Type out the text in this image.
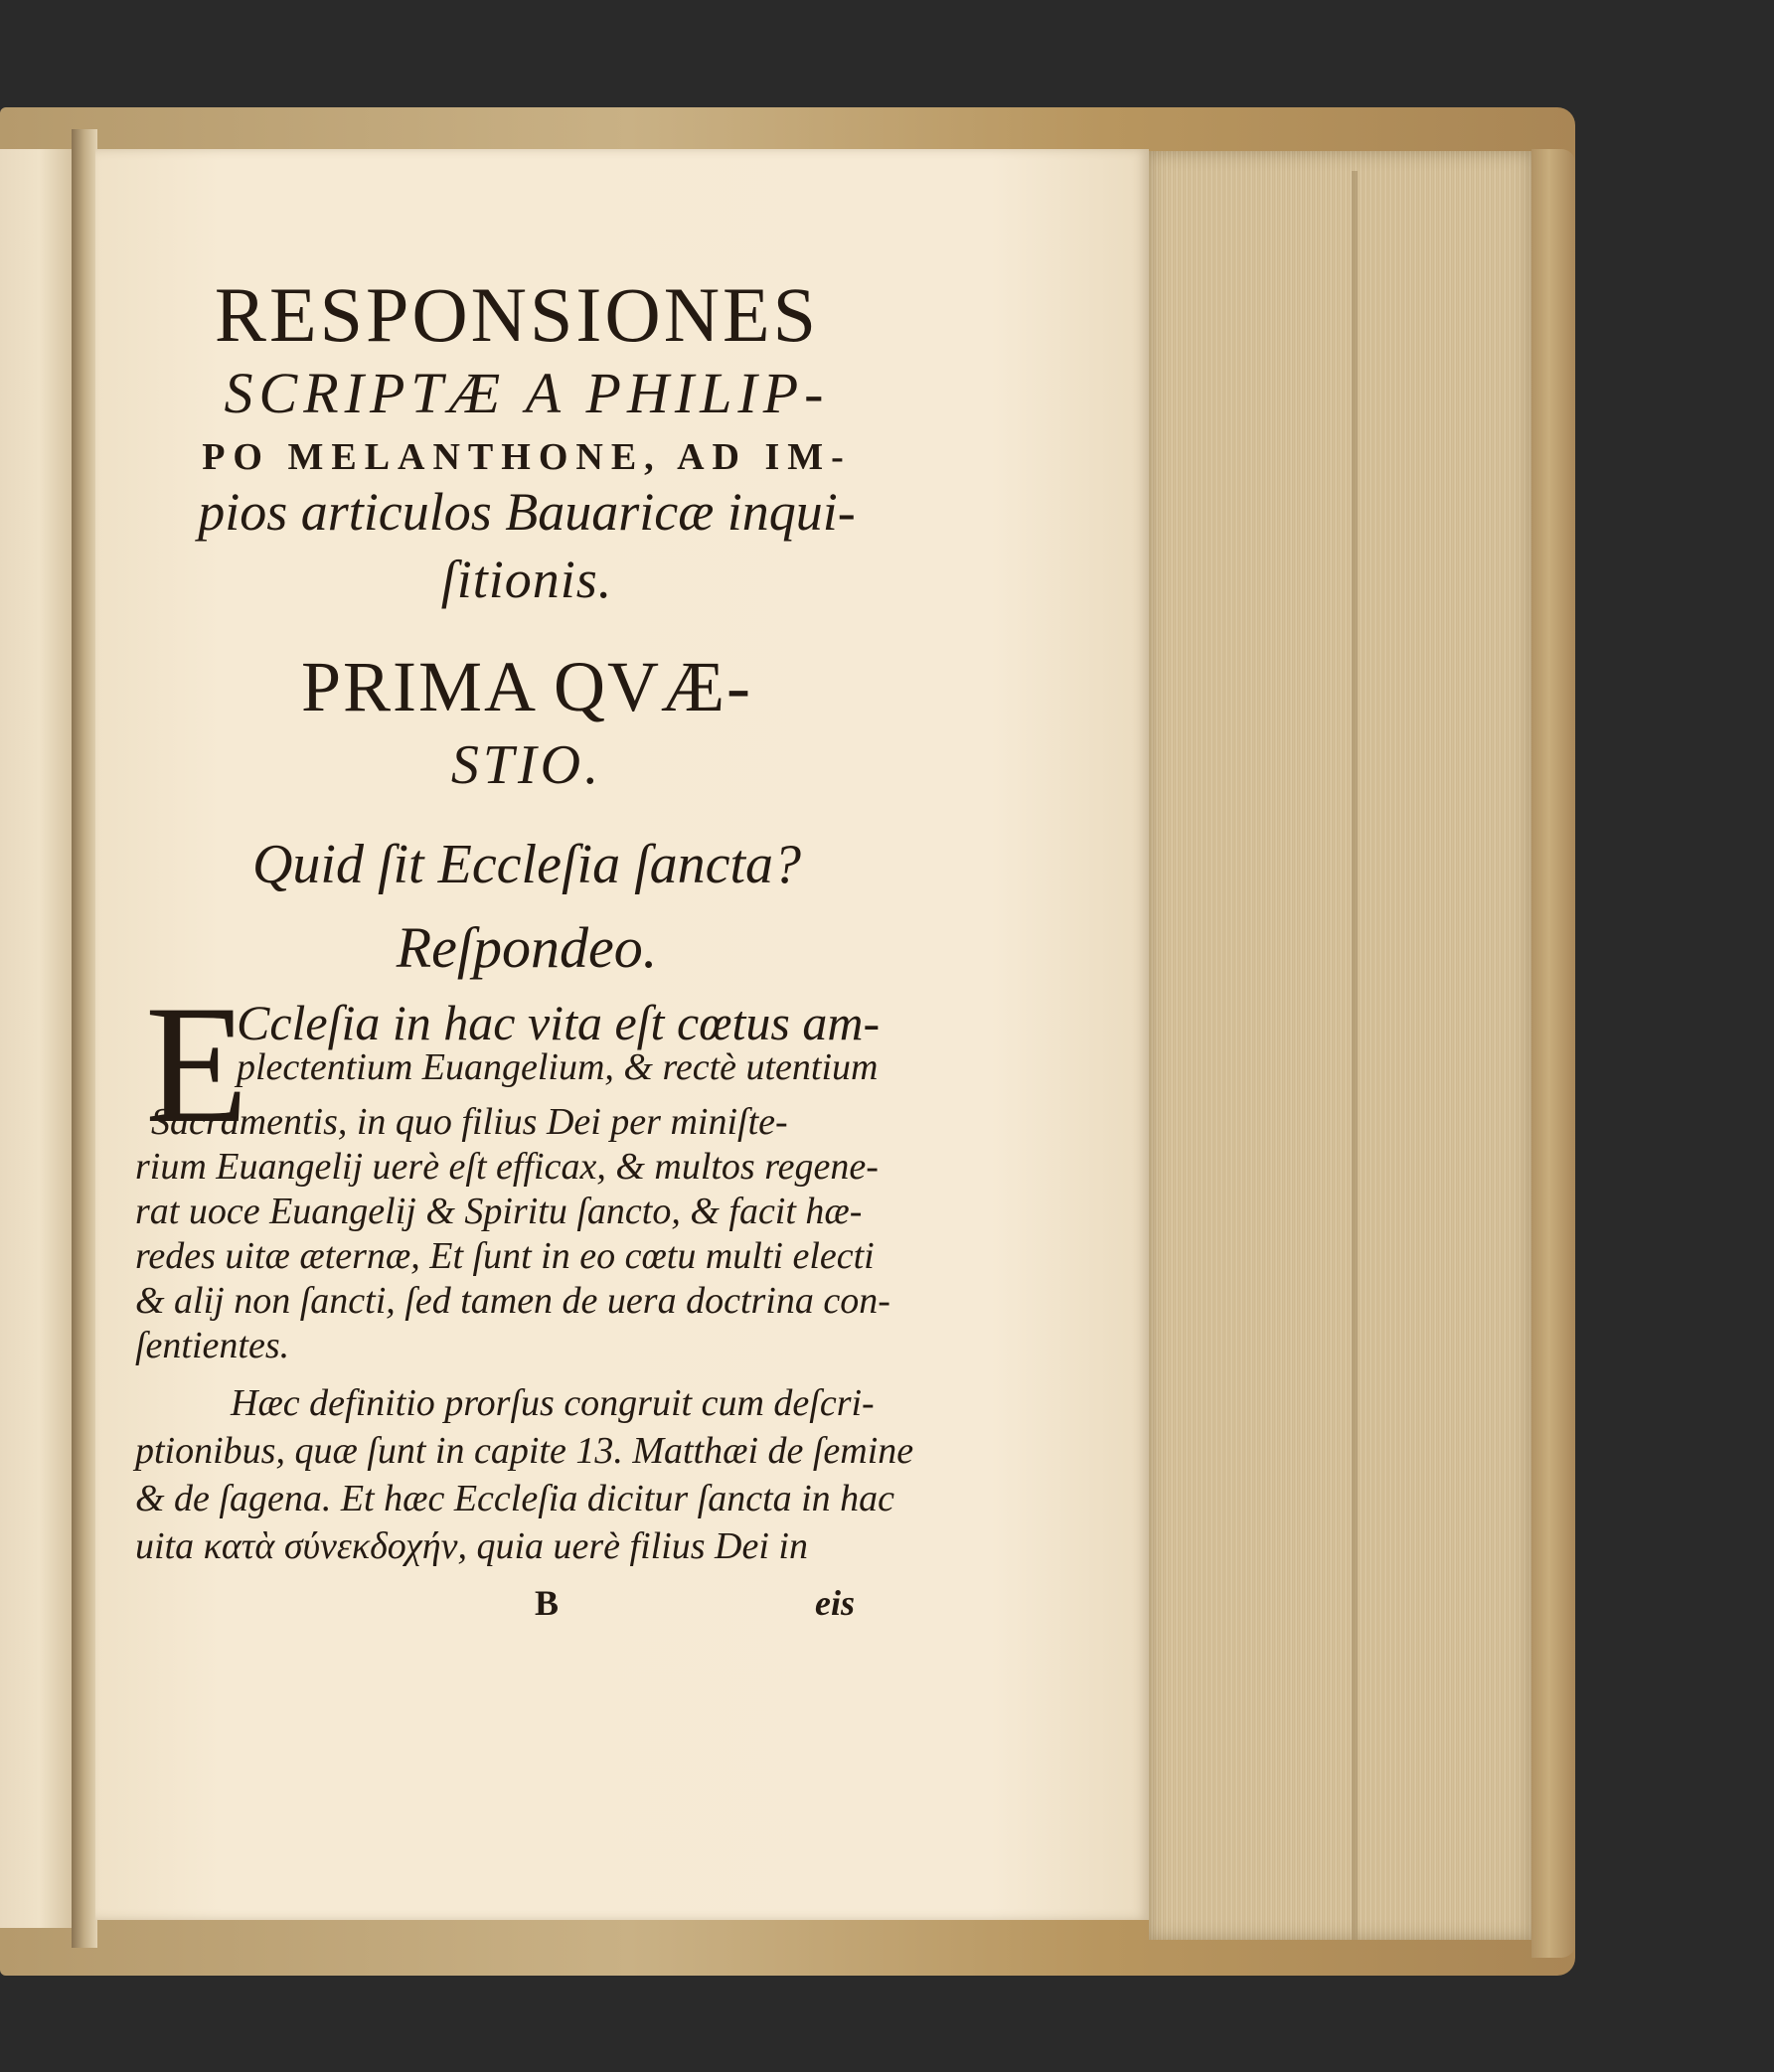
RESPONSIONES
SCRIPTÆ A PHILIP-
PO MELANTHONE, AD IM-
pios articulos Bauaricæ inqui-
ſitionis.
PRIMA QVÆ-
STIO.
Quid ſit Eccleſia ſancta?
Reſpondeo.
E
Ccleſia in hac vita eſt cœtus am-
plectentium Euangelium, & rectè utentium
Sacramentis, in quo filius Dei per miniſte-
rium Euangelij uerè eſt efficax, & multos regene-
rat uoce Euangelij & Spiritu ſancto, & facit hæ-
redes uitæ æternæ, Et ſunt in eo cœtu multi electi
& alij non ſancti, ſed tamen de uera doctrina con-
ſentientes.
Hæc definitio prorſus congruit cum deſcri-
ptionibus, quæ ſunt in capite 13. Matthæi de ſemine
& de ſagena. Et hæc Eccleſia dicitur ſancta in hac
uita κατὰ σύνεκδοχήν, quia uerè filius Dei in
B	eis
